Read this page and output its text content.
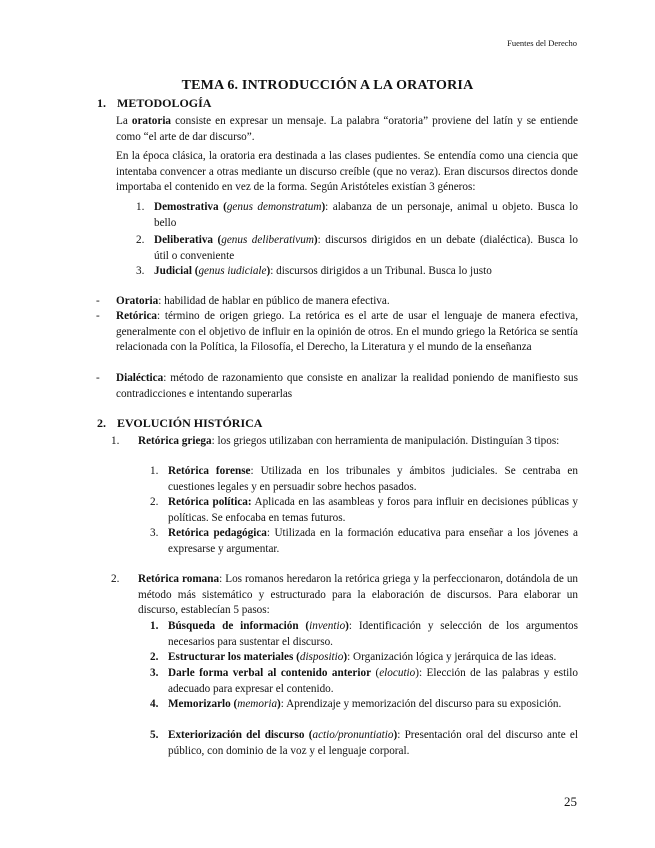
Fuentes del Derecho
TEMA 6. INTRODUCCIÓN A LA ORATORIA
1. METODOLOGÍA
La oratoria consiste en expresar un mensaje. La palabra “oratoria” proviene del latín y se entiende como “el arte de dar discurso”.
En la época clásica, la oratoria era destinada a las clases pudientes. Se entendía como una ciencia que intentaba convencer a otras mediante un discurso creíble (que no veraz). Eran discursos directos donde importaba el contenido en vez de la forma. Según Aristóteles existían 3 géneros:
1. Demostrativa (genus demonstratum): alabanza de un personaje, animal u objeto. Busca lo bello
2. Deliberativa (genus deliberativum): discursos dirigidos en un debate (dialéctica). Busca lo útil o conveniente
3. Judicial (genus iudiciale): discursos dirigidos a un Tribunal. Busca lo justo
- Oratoria: habilidad de hablar en público de manera efectiva.
- Retórica: término de origen griego. La retórica es el arte de usar el lenguaje de manera efectiva, generalmente con el objetivo de influir en la opinión de otros. En el mundo griego la Retórica se sentía relacionada con la Política, la Filosofía, el Derecho, la Literatura y el mundo de la enseñanza
- Dialéctica: método de razonamiento que consiste en analizar la realidad poniendo de manifiesto sus contradicciones e intentando superarlas
2. EVOLUCIÓN HISTÓRICA
1. Retórica griega: los griegos utilizaban con herramienta de manipulación. Distinguían 3 tipos:
1. Retórica forense: Utilizada en los tribunales y ámbitos judiciales. Se centraba en cuestiones legales y en persuadir sobre hechos pasados.
2. Retórica política: Aplicada en las asambleas y foros para influir en decisiones públicas y políticas. Se enfocaba en temas futuros.
3. Retórica pedagógica: Utilizada en la formación educativa para enseñar a los jóvenes a expresarse y argumentar.
2. Retórica romana: Los romanos heredaron la retórica griega y la perfeccionaron, dotándola de un método más sistemático y estructurado para la elaboración de discursos. Para elaborar un discurso, establecían 5 pasos:
1. Búsqueda de información (inventio): Identificación y selección de los argumentos necesarios para sustentar el discurso.
2. Estructurar los materiales (dispositio): Organización lógica y jerárquica de las ideas.
3. Darle forma verbal al contenido anterior (elocutio): Elección de las palabras y estilo adecuado para expresar el contenido.
4. Memorizarlo (memoria): Aprendizaje y memorización del discurso para su exposición.
5. Exteriorización del discurso (actio/pronuntiatio): Presentación oral del discurso ante el público, con dominio de la voz y el lenguaje corporal.
25
